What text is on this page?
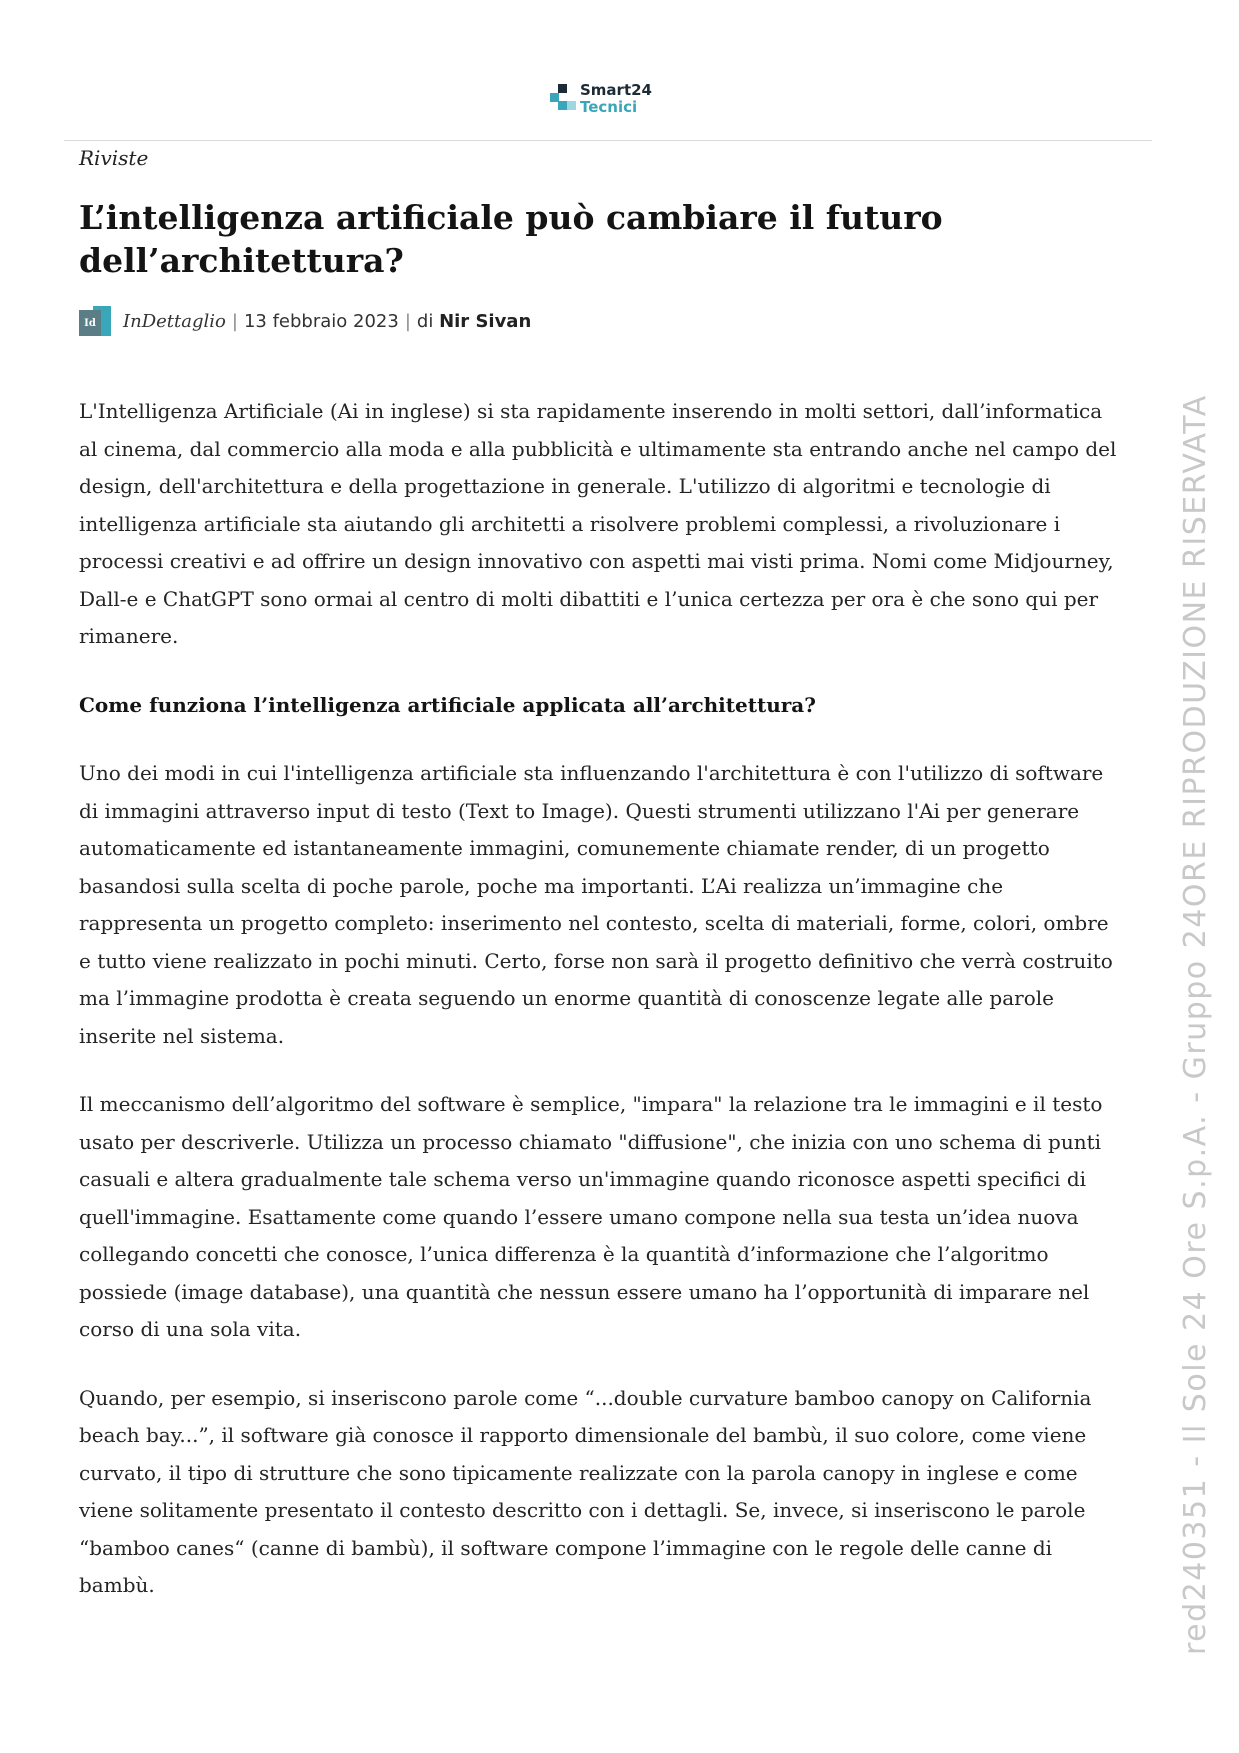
Smart24
Tecnici
Riviste
L’intelligenza artificiale può cambiare il futuro dell’architettura?
Id InDettaglio | 13 febbraio 2023 | di
Nir Sivan

L'Intelligenza Artificiale (Ai in inglese) si sta rapidamente inserendo in molti settori, dall’informatica al cinema, dal commercio alla moda e alla pubblicità e ultimamente sta entrando anche nel campo del design, dell'architettura e della progettazione in generale. L'utilizzo di algoritmi e tecnologie di intelligenza artificiale sta aiutando gli architetti a risolvere problemi complessi, a rivoluzionare i processi creativi e ad offrire un design innovativo con aspetti mai visti prima. Nomi come Midjourney, Dall-e e ChatGPT sono ormai al centro di molti dibattiti e l’unica certezza per ora è che sono qui per rimanere.

Come funziona l’intelligenza artificiale applicata all’architettura?

Uno dei modi in cui l'intelligenza artificiale sta influenzando l'architettura è con l'utilizzo di software di immagini attraverso input di testo (Text to Image). Questi strumenti utilizzano l'Ai per generare automaticamente ed istantaneamente immagini, comunemente chiamate render, di un progetto basandosi sulla scelta di poche parole, poche ma importanti. L’Ai realizza un’immagine che rappresenta un progetto completo: inserimento nel contesto, scelta di materiali, forme, colori, ombre e tutto viene realizzato in pochi minuti. Certo, forse non sarà il progetto definitivo che verrà costruito ma l’immagine prodotta è creata seguendo un enorme quantità di conoscenze legate alle parole inserite nel sistema.

Il meccanismo dell’algoritmo del software è semplice, "impara" la relazione tra le immagini e il testo usato per descriverle. Utilizza un processo chiamato "diffusione", che inizia con uno schema di punti casuali e altera gradualmente tale schema verso un'immagine quando riconosce aspetti specifici di quell'immagine. Esattamente come quando l’essere umano compone nella sua testa un’idea nuova collegando concetti che conosce, l’unica differenza è la quantità d’informazione che l’algoritmo possiede (image database), una quantità che nessun essere umano ha l’opportunità di imparare nel corso di una sola vita.

Quando, per esempio, si inseriscono parole come “...double curvature bamboo canopy on California beach bay...”, il software già conosce il rapporto dimensionale del bambù, il suo colore, come viene curvato, il tipo di strutture che sono tipicamente realizzate con la parola canopy in inglese e come viene solitamente presentato il contesto descritto con i dettagli. Se, invece, si inseriscono le parole “bamboo canes“ (canne di bambù), il software compone l’immagine con le regole delle canne di bambù.	red240351 - Il Sole 24 Ore S.p.A. - Gruppo 24ORE RIPRODUZIONE RISERVATA
